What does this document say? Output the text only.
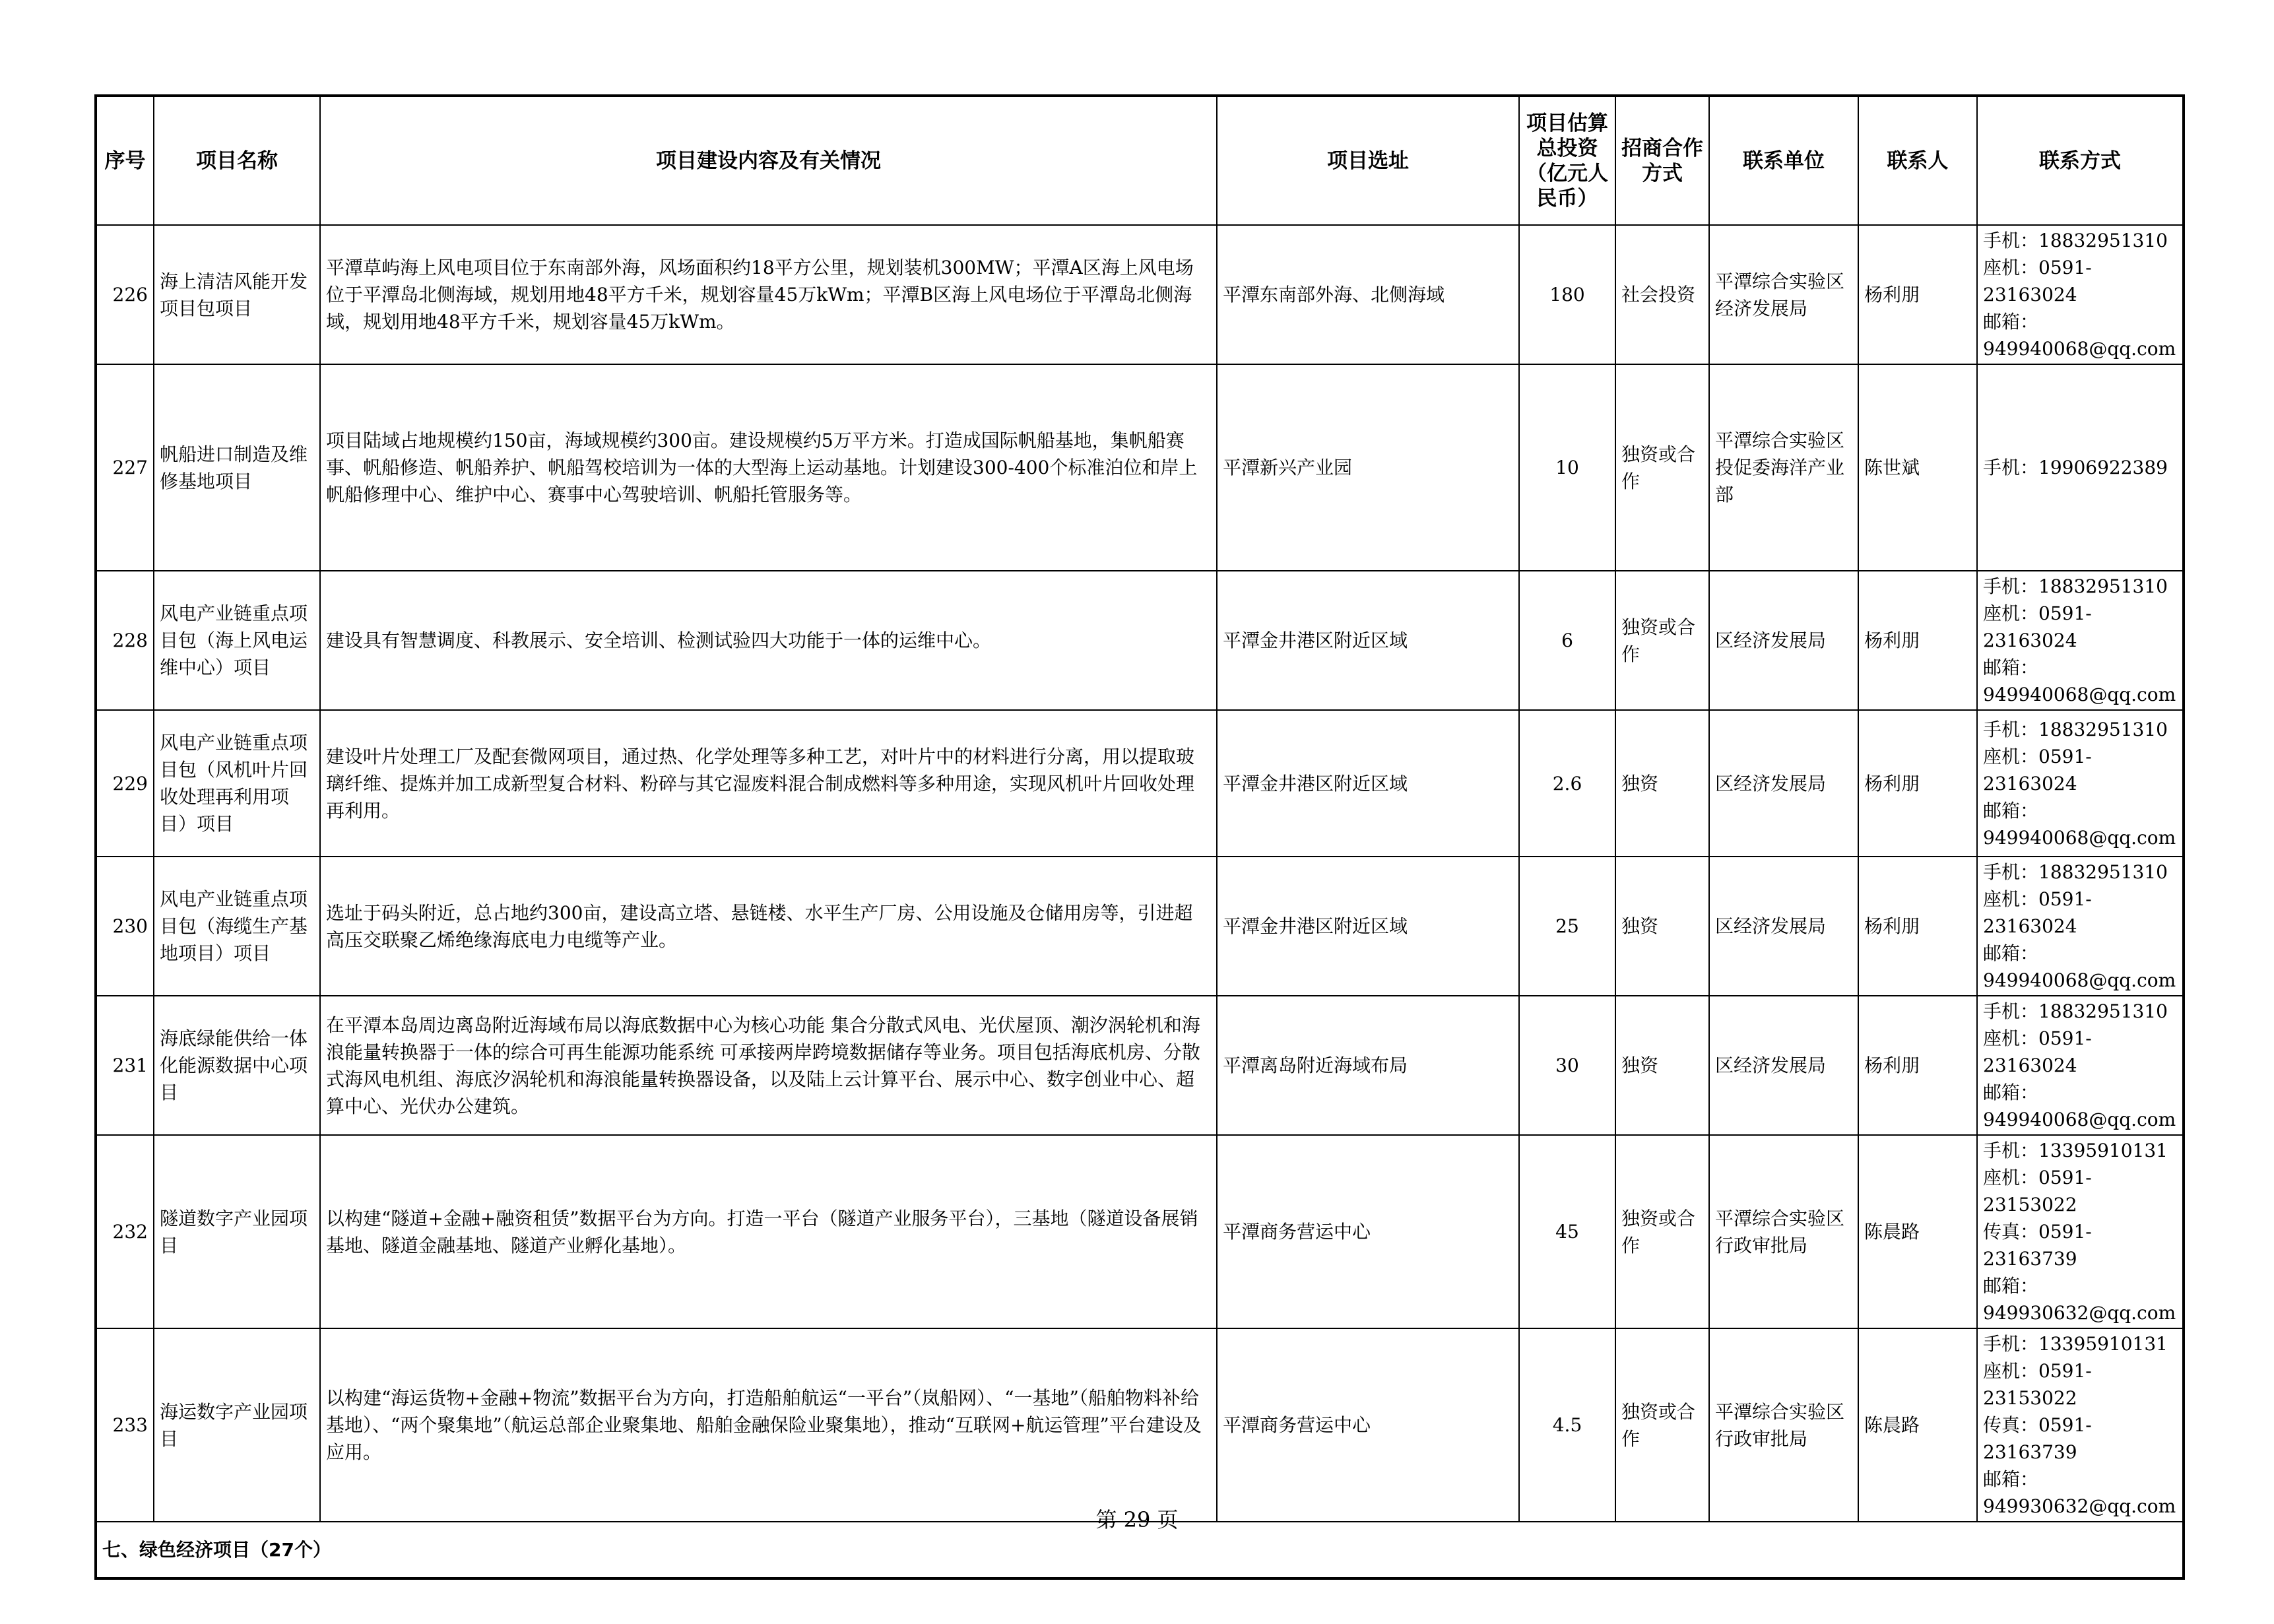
序号	项目名称	项目建设内容及有关情况	项目选址	项目估算总投资（亿元人民币）	招商合作方式	联系单位	联系人	联系方式
226	海上清洁风能开发项目包项目	平潭草屿海上风电项目位于东南部外海，风场面积约18平方公里，规划装机300MW；平潭A区海上风电场位于平潭岛北侧海域，规划用地48平方千米，规划容量45万kWm；平潭B区海上风电场位于平潭岛北侧海域，规划用地48平方千米，规划容量45万kWm。	平潭东南部外海、北侧海域	180	社会投资	平潭综合实验区经济发展局	杨利朋	手机：18832951310
座机：0591-23163024
邮箱：949940068@qq.com
227	帆船进口制造及维修基地项目	项目陆域占地规模约150亩，海域规模约300亩。建设规模约5万平方米。打造成国际帆船基地，集帆船赛事、帆船修造、帆船养护、帆船驾校培训为一体的大型海上运动基地。计划建设300-400个标准泊位和岸上帆船修理中心、维护中心、赛事中心驾驶培训、帆船托管服务等。	平潭新兴产业园	10	独资或合作	平潭综合实验区投促委海洋产业部	陈世斌	手机：19906922389
228	风电产业链重点项目包（海上风电运维中心）项目	建设具有智慧调度、科教展示、安全培训、检测试验四大功能于一体的运维中心。	平潭金井港区附近区域	6	独资或合作	区经济发展局	杨利朋	手机：18832951310
座机：0591-23163024
邮箱：949940068@qq.com
229	风电产业链重点项目包（风机叶片回收处理再利用项目）项目	建设叶片处理工厂及配套微网项目，通过热、化学处理等多种工艺，对叶片中的材料进行分离，用以提取玻璃纤维、提炼并加工成新型复合材料、粉碎与其它湿废料混合制成燃料等多种用途，实现风机叶片回收处理再利用。	平潭金井港区附近区域	2.6	独资	区经济发展局	杨利朋	手机：18832951310
座机：0591-23163024
邮箱：949940068@qq.com
230	风电产业链重点项目包（海缆生产基地项目）项目	选址于码头附近，总占地约300亩，建设高立塔、悬链楼、水平生产厂房、公用设施及仓储用房等，引进超高压交联聚乙烯绝缘海底电力电缆等产业。	平潭金井港区附近区域	25	独资	区经济发展局	杨利朋	手机：18832951310
座机：0591-23163024
邮箱：949940068@qq.com
231	海底绿能供给一体化能源数据中心项目	在平潭本岛周边离岛附近海域布局以海底数据中心为核心功能 集合分散式风电、光伏屋顶、潮汐涡轮机和海浪能量转换器于一体的综合可再生能源功能系统 可承接两岸跨境数据储存等业务。项目包括海底机房、分散式海风电机组、海底汐涡轮机和海浪能量转换器设备，以及陆上云计算平台、展示中心、数字创业中心、超算中心、光伏办公建筑。	平潭离岛附近海域布局	30	独资	区经济发展局	杨利朋	手机：18832951310
座机：0591-23163024
邮箱：949940068@qq.com
232	隧道数字产业园项目	以构建“隧道+金融+融资租赁”数据平台为方向。打造一平台（隧道产业服务平台），三基地（隧道设备展销基地、隧道金融基地、隧道产业孵化基地）。	平潭商务营运中心	45	独资或合作	平潭综合实验区行政审批局	陈晨路	手机：13395910131
座机：0591-23153022
传真：0591-23163739
邮箱：949930632@qq.com
233	海运数字产业园项目	以构建“海运货物+金融+物流”数据平台为方向，打造船舶航运“一平台”（岚船网）、“一基地”（船舶物料补给基地）、“两个聚集地”（航运总部企业聚集地、船舶金融保险业聚集地），推动“互联网+航运管理”平台建设及应用。	平潭商务营运中心	4.5	独资或合作	平潭综合实验区行政审批局	陈晨路	手机：13395910131
座机：0591-23153022
传真：0591-23163739
邮箱：949930632@qq.com
七、绿色经济项目（27个）								
第 29 页
